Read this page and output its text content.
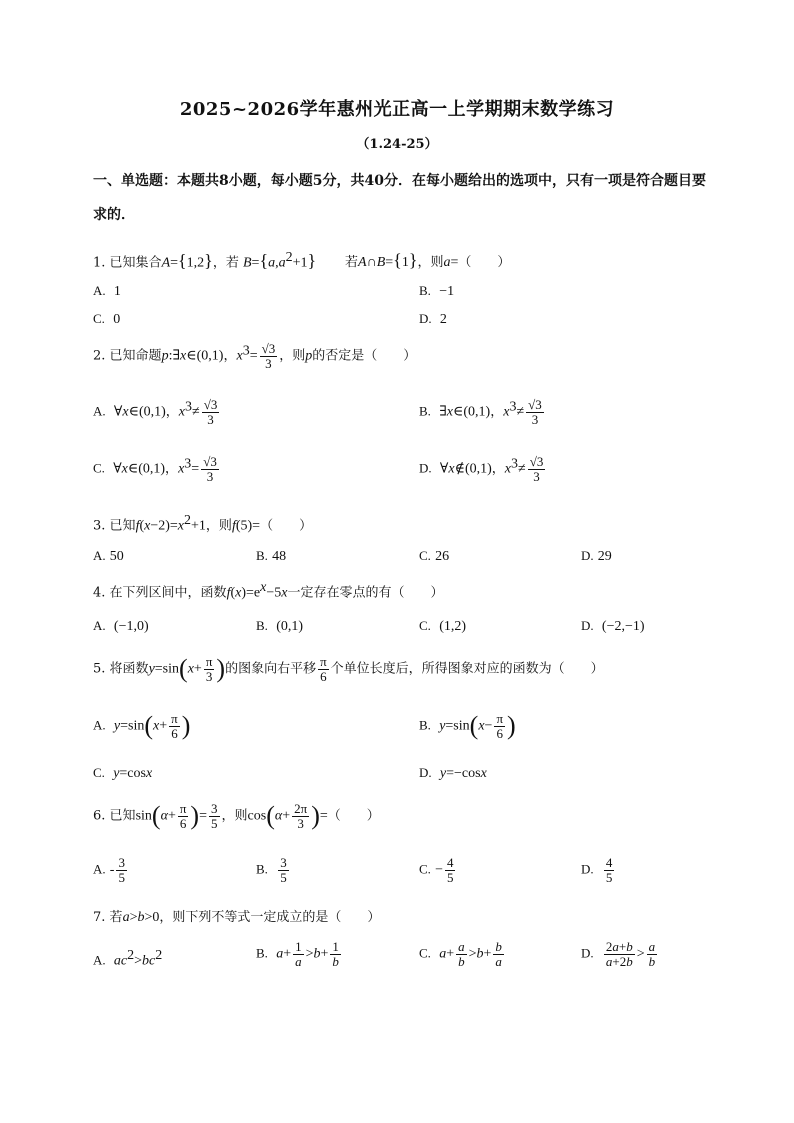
2025~2026学年惠州光正高一上学期期末数学练习
（1.24-25）
一、单选题：本题共8小题，每小题5分，共40分．在每小题给出的选项中，只有一项是符合题目要求的．
1. 已知集合A={1,2}，若 $B=\{a,a^2+1\}$ 若A∩B={1}，则a=（　　）
A. 1	B. −1
C. 0	D. 2
2. 已知命题p:∃x∈(0,1)，$x^3= \frac{√3}{3}$ ，则p的否定是（　　）
A. ∀x∈(0,1)，$x^3\ne \frac{√3}{3}$	B. ∃x∈(0,1)，$x^3\ne \frac{√3}{3}$
C. ∀x∈(0,1)，$x^3= \frac{√3}{3}$	D. ∀x∉(0,1)，$x^3\ne \frac{√3}{3}$
3. 已知$f(x-2)=x^2+1$，则f(5)=（　　）
A. 50	B. 48	C. 26	D. 29
4. 在下列区间中，函数$f(x)=e^x-5x$一定存在零点的有（　　）
A. (−1,0)	B. (0,1)	C. (1,2)	D. (−2,−1)
5. 将函数$y=\sin(x+ \frac{\pi}{3}$ )的图象向右平移 $\frac{\pi}{6}$ 个单位长度后，所得图象对应的函数为（　　）
A. $y=\sin(x+ \frac{\pi}{6}$ )	B. $y=\sin(x- \frac{\pi}{6}$ )
C. y=cosx	D. y=−cosx
6. 已知$\sin(\alpha+ \frac{\pi}{6}$ )= $\frac{3}{5}$ ，则$\cos(\alpha+ \frac{2\pi}{3}$ )=（　　）
A. - $\frac{3}{5}$	B. $\frac{3}{5}$	C. − $\frac{4}{5}$	D. $\frac{4}{5}$
7. 若a>b>0，则下列不等式一定成立的是（　　）
A. $ac^2>bc^2$	B. $a+ \frac{1}{a} >b+ \frac{1}{b}$	C. $a+ \frac{a}{b} >b+ \frac{b}{a}$	D. $\frac{2a+b}{a+2b} > \frac{a}{b}$
